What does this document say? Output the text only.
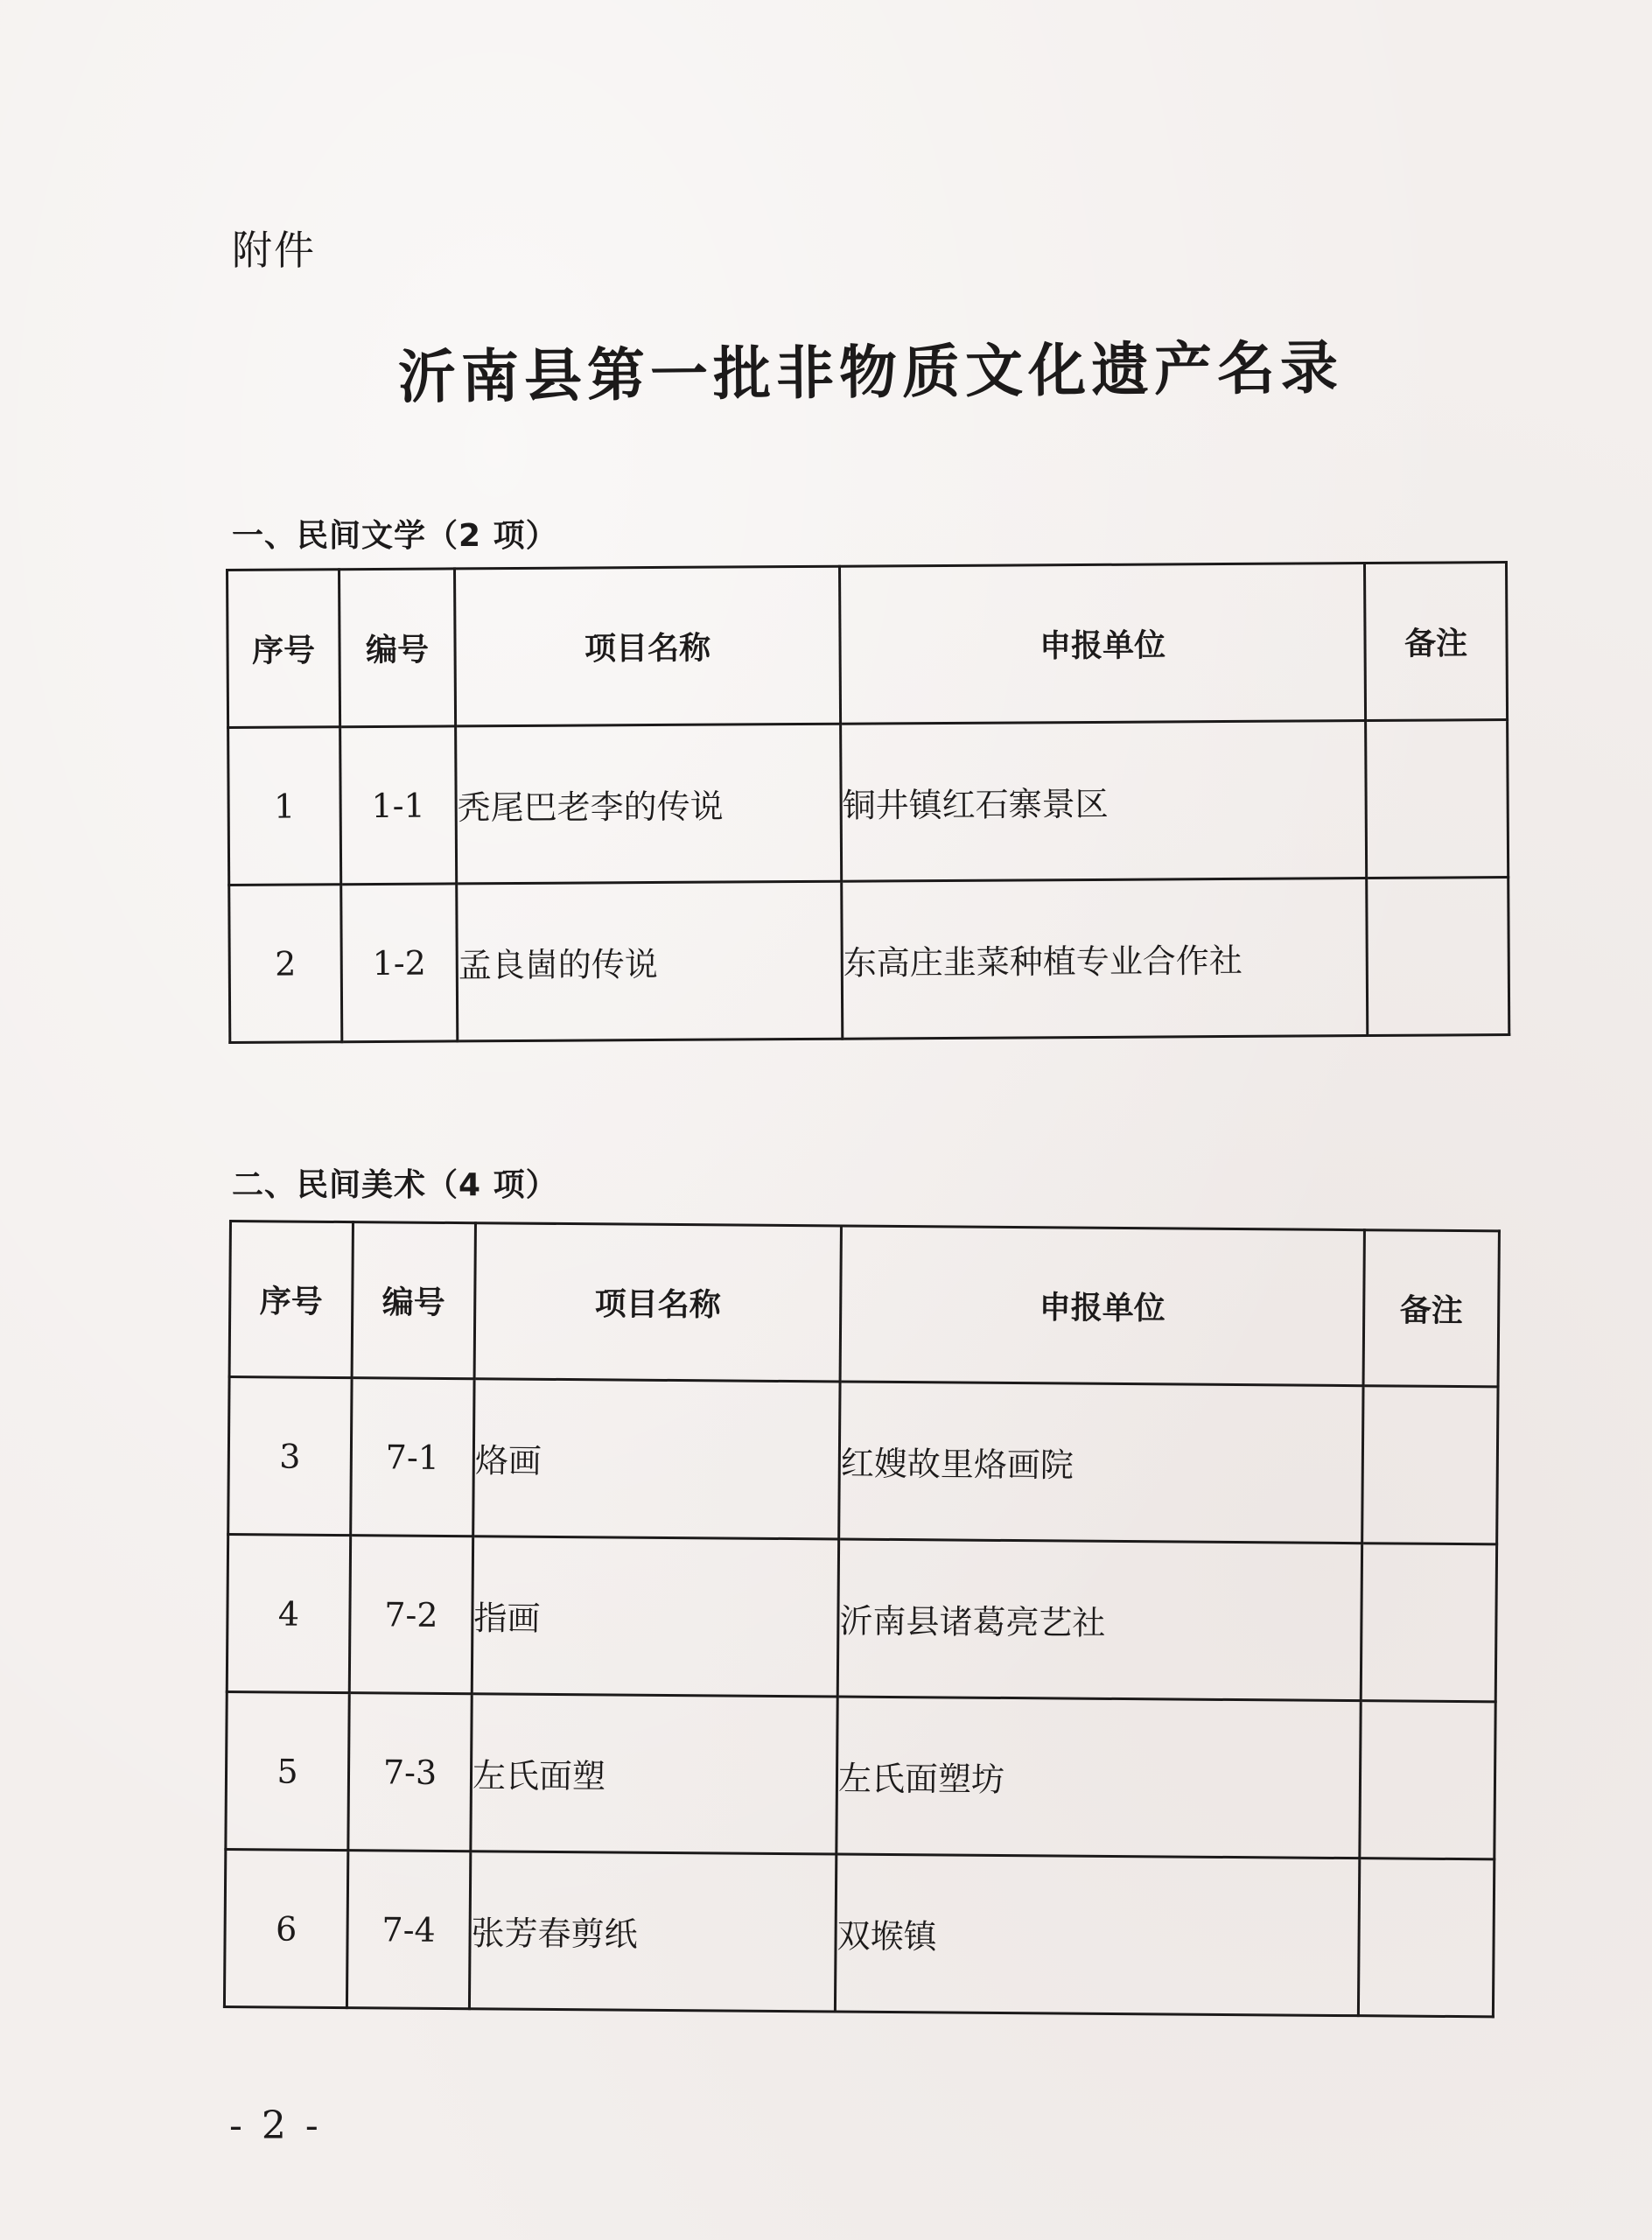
附件
沂南县第一批非物质文化遗产名录
一、民间文学（2 项）
序号	编号	项目名称	申报单位	备注
1	1-1	秃尾巴老李的传说	铜井镇红石寨景区	
2	1-2	孟良崮的传说	东高庄韭菜种植专业合作社	
二、民间美术（4 项）
序号	编号	项目名称	申报单位	备注
3	7-1	烙画	红嫂故里烙画院	
4	7-2	指画	沂南县诸葛亮艺社	
5	7-3	左氏面塑	左氏面塑坊	
6	7-4	张芳春剪纸	双堠镇	
- 2 -
